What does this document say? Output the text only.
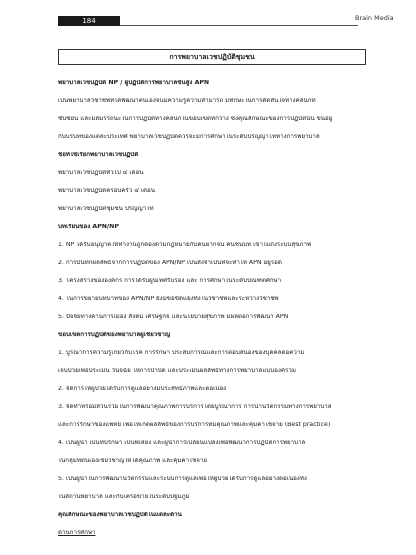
184	Brain Media
การพยาบาลเวชปฏิบัติชุมชน
พยาบาลเวชปฏิบัติ NP / ผู้ปฏิบัติการพยาบาลขั้นสูง APN
เป็นพยาบาลวิชาชีพที่ได้พัฒนาตนเองจนมีความรู้ความสามารถ มีทักษะในการตัดสินใจทางคลินิกที่
ซับซ้อน และมีสมรรถนะในการปฏิบัติทางคลินิกในขอบเขตที่กว้าง ซึ่งคุณลักษณะของการปฏิบัตินั้น ขึ้นอยู่
กับบริบทของแต่ละประเทศ พยาบาลเวชปฏิบัติควรจะมีการศึกษาในระดับปริญญาโททางการพยาบาล
ชื่อที่ใช้เรียกพยาบาลเวชปฏิบัติ
พยาบาลเวชปฏิบัติทั่วไป ๔ เดือน
พยาบาลเวชปฏิบัติครอบครัว ๔ เดือน
พยาบาลเวชปฏิบัติชุมชน ปริญญาโท
บทเรียนของ APN/NP
1. NP ได้รับอนุญาตให้ทำงานถูกต้องตามกฎหมายกับคนยากจน คนชนบท เข้าไม่ถึงระบบสุขภาพ
2. การบันทึกผลลัพธ์จากการปฏิบัติของ APN/NP เป็นสิ่งจำเป็นที่จะทำให้ APN อยู่รอด
3. โครงสร้างขององค์กร การได้รับผู้นิเทศรับรอง และ การศึกษาในระดับบัณฑิตศึกษา
4. ในการขยายบทบาทของ APN/NP ยังมีข้อขัดแย้งทั้งในวิชาชีพและระหว่างวิชาชีพ
5. ปัจจัยทางด้านการเมือง สังคม เศรษฐกิจ และนโยบายสุขภาพ มีผลต่อการพัฒนา APN
ขอบเขตการปฏิบัติของพยาบาลผู้เชี่ยวชาญ
1. บูรณาการความรู้เกี่ยวกับโรค การรักษา ประสบการณ์และการตอบสนองของบุคคลต่อความ
เจ็บป่วยเพื่อประเมิน วินิจฉัย ให้การบำบัด และประเมินผลลัพธ์ทางการพยาบาลแบบองค์รวม
2. จัดการให้ผู้ป่วยได้รับการดูแลอย่างมีประสิทธิภาพและต่อเนื่อง
3. จัดทำหรือมีส่วนร่วมในการพัฒนาคุณภาพการบริการโดยบูรณาการ การนำนวัตกรรมทางการพยาบาล
และการรักษาของแพทย์ เพื่อให้เกิดผลลัพธ์ของการบริการที่มีคุณภาพและคุ้มค่าใช้จ่าย (Best practice)
4. เป็นผู้นำ เป็นที่ปรึกษา เป็นพี่เลี้ยง และผู้นำการเปลี่ยนแปลงเพื่อพัฒนาการปฏิบัติการพยาบาล
ในกลุ่มที่ตนเองเชี่ยวชาญให้ได้คุณภาพ และคุ้มค่าใช้จ่าย
5. เป็นผู้นำในการพัฒนานวัตกรรมและระบบการดูแลเพื่อให้ผู้ป่วยได้รับการดูแลอย่างต่อเนื่องทั้ง
ในสถานพยาบาล และกับเครือข่ายในระดับปฐมภูมิ
คุณลักษณะของพยาบาลเวชปฏิบัติในแต่ละด้าน
ด้านการศึกษา
